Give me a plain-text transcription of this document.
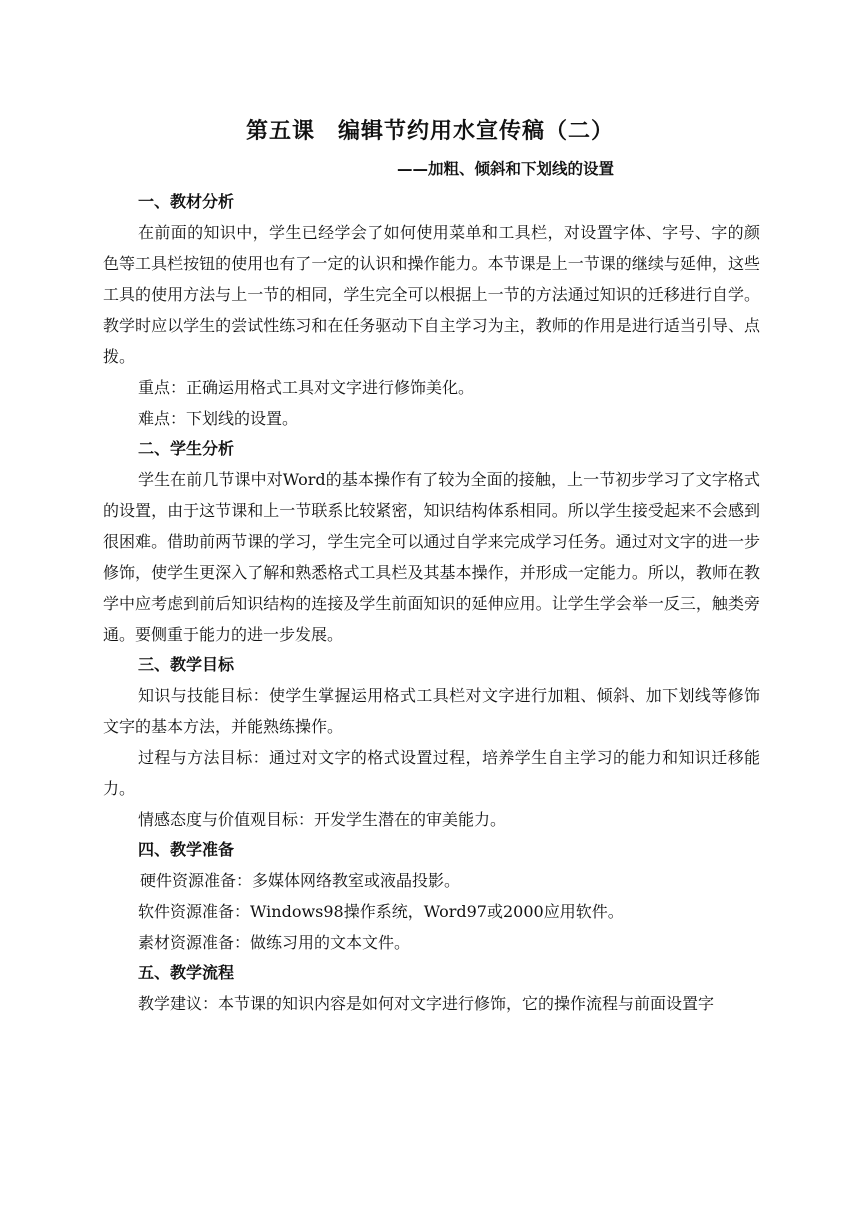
第五课　编辑节约用水宣传稿（二）
——加粗、倾斜和下划线的设置

一、教材分析

在前面的知识中，学生已经学会了如何使用菜单和工具栏，对设置字体、字号、字的颜色等工具栏按钮的使用也有了一定的认识和操作能力。本节课是上一节课的继续与延伸，这些工具的使用方法与上一节的相同，学生完全可以根据上一节的方法通过知识的迁移进行自学。教学时应以学生的尝试性练习和在任务驱动下自主学习为主，教师的作用是进行适当引导、点拨。

重点：正确运用格式工具对文字进行修饰美化。

难点：下划线的设置。

二、学生分析

学生在前几节课中对Word的基本操作有了较为全面的接触，上一节初步学习了文字格式的设置，由于这节课和上一节联系比较紧密，知识结构体系相同。所以学生接受起来不会感到很困难。借助前两节课的学习，学生完全可以通过自学来完成学习任务。通过对文字的进一步修饰，使学生更深入了解和熟悉格式工具栏及其基本操作，并形成一定能力。所以，教师在教学中应考虑到前后知识结构的连接及学生前面知识的延伸应用。让学生学会举一反三，触类旁通。要侧重于能力的进一步发展。

三、教学目标

知识与技能目标：使学生掌握运用格式工具栏对文字进行加粗、倾斜、加下划线等修饰文字的基本方法，并能熟练操作。

过程与方法目标：通过对文字的格式设置过程，培养学生自主学习的能力和知识迁移能力。

情感态度与价值观目标：开发学生潜在的审美能力。

四、教学准备

硬件资源准备：多媒体网络教室或液晶投影。

软件资源准备：Windows98操作系统，Word97或2000应用软件。

素材资源准备：做练习用的文本文件。

五、教学流程

教学建议：本节课的知识内容是如何对文字进行修饰，它的操作流程与前面设置字
